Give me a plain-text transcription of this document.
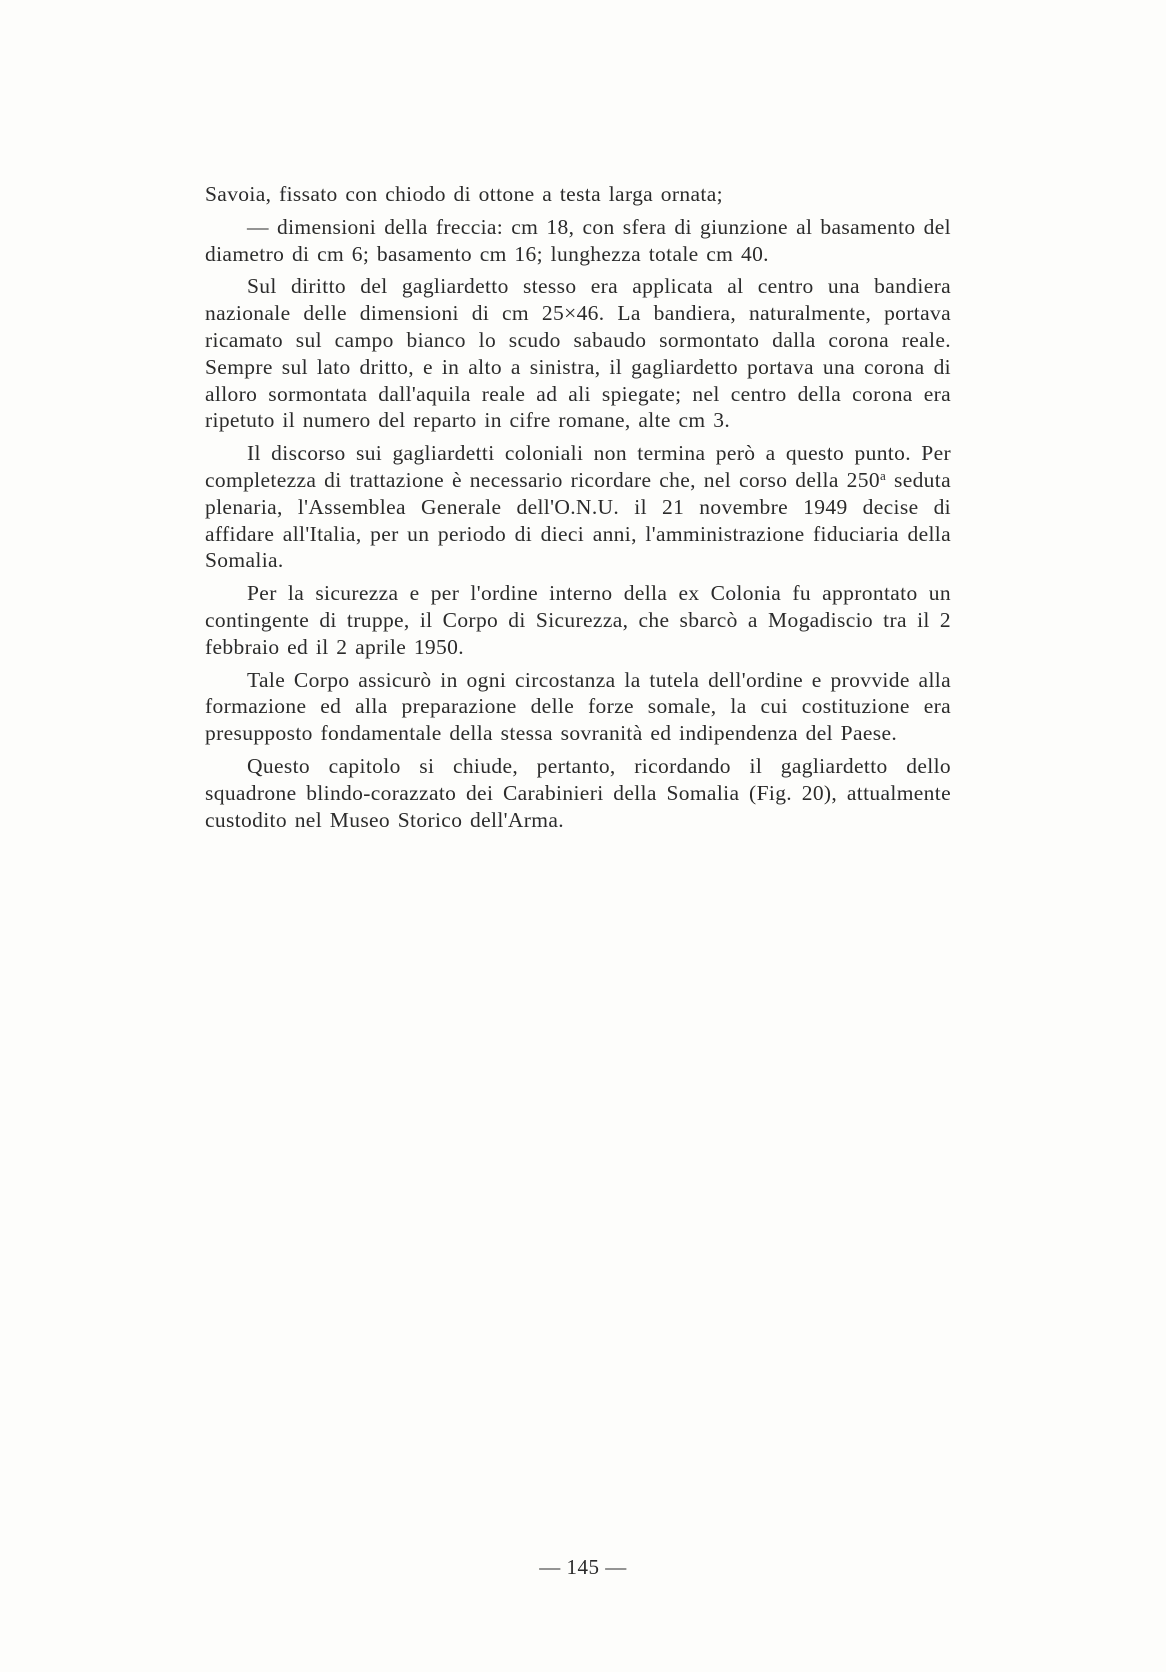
Savoia, fissato con chiodo di ottone a testa larga ornata;

— dimensioni della freccia: cm 18, con sfera di giunzione al basamento del diametro di cm 6; basamento cm 16; lunghezza totale cm 40.

Sul diritto del gagliardetto stesso era applicata al centro una bandiera nazionale delle dimensioni di cm 25×46. La bandiera, naturalmente, portava ricamato sul campo bianco lo scudo sabaudo sormontato dalla corona reale. Sempre sul lato dritto, e in alto a sinistra, il gagliardetto portava una corona di alloro sormontata dall'aquila reale ad ali spiegate; nel centro della corona era ripetuto il numero del reparto in cifre romane, alte cm 3.

Il discorso sui gagliardetti coloniali non termina però a questo punto. Per completezza di trattazione è necessario ricordare che, nel corso della 250$^a$ seduta plenaria, l'Assemblea Generale dell'O.N.U. il 21 novembre 1949 decise di affidare all'Italia, per un periodo di dieci anni, l'amministrazione fiduciaria della Somalia.

Per la sicurezza e per l'ordine interno della ex Colonia fu approntato un contingente di truppe, il Corpo di Sicurezza, che sbarcò a Mogadiscio tra il 2 febbraio ed il 2 aprile 1950.

Tale Corpo assicurò in ogni circostanza la tutela dell'ordine e provvide alla formazione ed alla preparazione delle forze somale, la cui costituzione era presupposto fondamentale della stessa sovranità ed indipendenza del Paese.

Questo capitolo si chiude, pertanto, ricordando il gagliardetto dello squadrone blindo-corazzato dei Carabinieri della Somalia (Fig. 20), attualmente custodito nel Museo Storico dell'Arma.

— 145 —
